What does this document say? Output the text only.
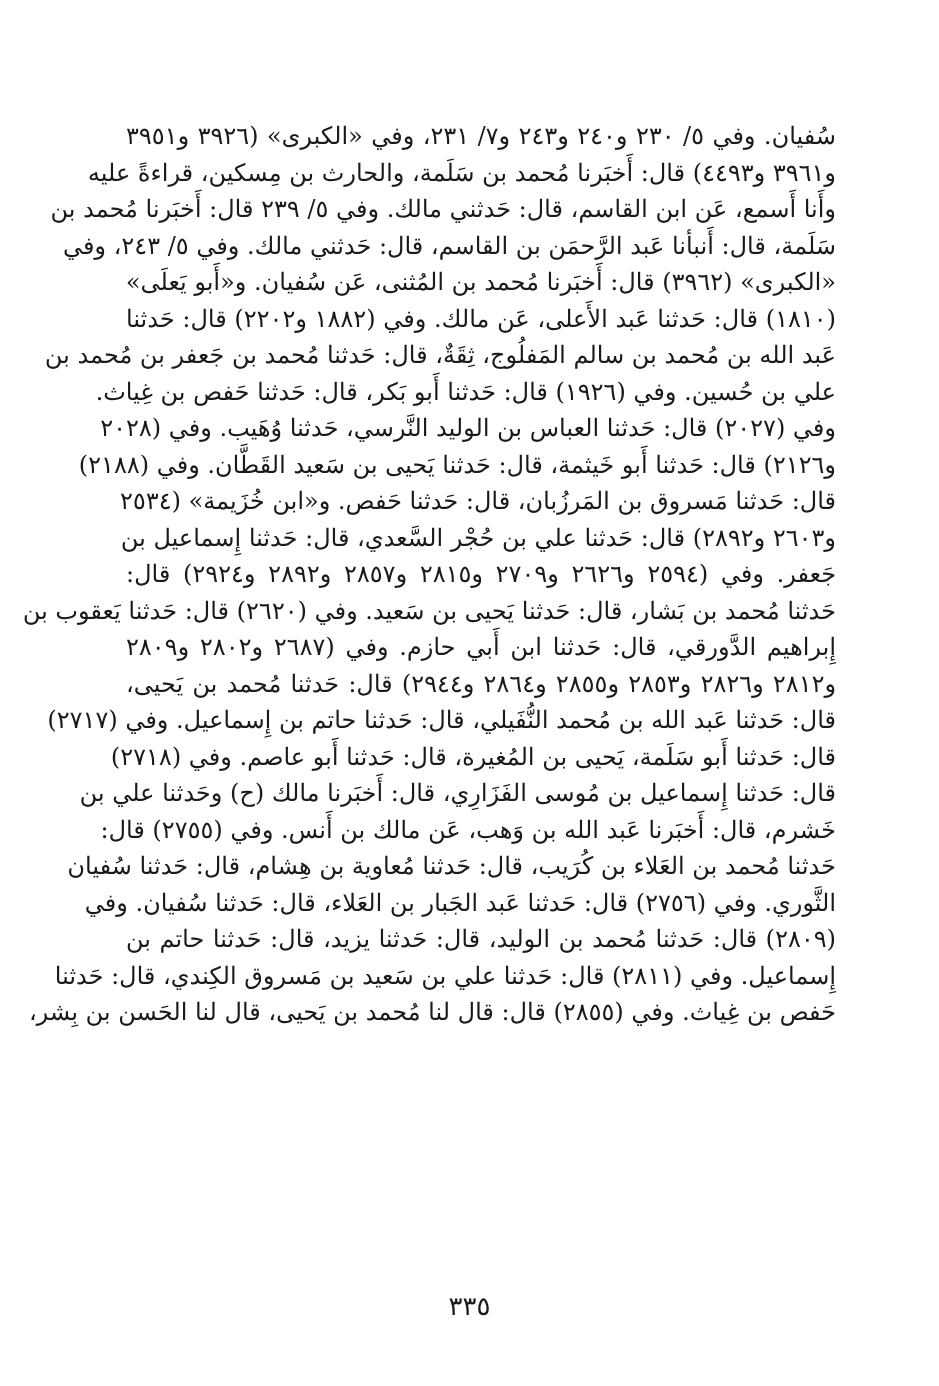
سُفيان. وفي ٥/ ٢٣٠ و٢٤٠ و٢٤٣ و٧/ ٢٣١، وفي «الكبرى» (٣٩٢٦ و٣٩٥١
و٣٩٦١ و٤٤٩٣) قال: أَخبَرنا مُحمد بن سَلَمة، والحارث بن مِسكين، قراءةً عليه
وأَنا أَسمع، عَن ابن القاسم، قال: حَدثني مالك. وفي ٥/ ٢٣٩ قال: أَخبَرنا مُحمد بن
سَلَمة، قال: أَنبأنا عَبد الرَّحمَن بن القاسم، قال: حَدثني مالك. وفي ٥/ ٢٤٣، وفي
«الكبرى» (٣٩٦٢) قال: أَخبَرنا مُحمد بن المُثنى، عَن سُفيان. و«أَبو يَعلَى»
(١٨١٠) قال: حَدثنا عَبد الأَعلى، عَن مالك. وفي (١٨٨٢ و٢٢٠٢) قال: حَدثنا
عَبد الله بن مُحمد بن سالم المَفلُوج، ثِقَةٌ، قال: حَدثنا مُحمد بن جَعفر بن مُحمد بن
علي بن حُسين. وفي (١٩٢٦) قال: حَدثنا أَبو بَكر، قال: حَدثنا حَفص بن غِياث.
وفي (٢٠٢٧) قال: حَدثنا العباس بن الوليد النَّرسي، حَدثنا وُهَيب. وفي (٢٠٢٨
و٢١٢٦) قال: حَدثنا أَبو خَيثمة، قال: حَدثنا يَحيى بن سَعيد القَطَّان. وفي (٢١٨٨)
قال: حَدثنا مَسروق بن المَرزُبان، قال: حَدثنا حَفص. و«ابن خُزَيمة» (٢٥٣٤
و٢٦٠٣ و٢٨٩٢) قال: حَدثنا علي بن حُجْر السَّعدي، قال: حَدثنا إِسماعيل بن
جَعفر. وفي (٢٥٩٤ و٢٦٢٦ و٢٧٠٩ و٢٨١٥ و٢٨٥٧ و٢٨٩٢ و٢٩٢٤) قال:
حَدثنا مُحمد بن بَشار، قال: حَدثنا يَحيى بن سَعيد. وفي (٢٦٢٠) قال: حَدثنا يَعقوب بن
إِبراهيم الدَّورقي، قال: حَدثنا ابن أَبي حازم. وفي (٢٦٨٧ و٢٨٠٢ و٢٨٠٩
و٢٨١٢ و٢٨٢٦ و٢٨٥٣ و٢٨٥٥ و٢٨٦٤ و٢٩٤٤) قال: حَدثنا مُحمد بن يَحيى،
قال: حَدثنا عَبد الله بن مُحمد النُّفَيلي، قال: حَدثنا حاتم بن إِسماعيل. وفي (٢٧١٧)
قال: حَدثنا أَبو سَلَمة، يَحيى بن المُغيرة، قال: حَدثنا أَبو عاصم. وفي (٢٧١٨)
قال: حَدثنا إِسماعيل بن مُوسى الفَزَارِي، قال: أَخبَرنا مالك (ح) وحَدثنا علي بن
خَشرم، قال: أَخبَرنا عَبد الله بن وَهب، عَن مالك بن أَنس. وفي (٢٧٥٥) قال:
حَدثنا مُحمد بن العَلاء بن كُرَيب، قال: حَدثنا مُعاوية بن هِشام، قال: حَدثنا سُفيان
الثَّوري. وفي (٢٧٥٦) قال: حَدثنا عَبد الجَبار بن العَلاء، قال: حَدثنا سُفيان. وفي
(٢٨٠٩) قال: حَدثنا مُحمد بن الوليد، قال: حَدثنا يزيد، قال: حَدثنا حاتم بن
إِسماعيل. وفي (٢٨١١) قال: حَدثنا علي بن سَعيد بن مَسروق الكِندي، قال: حَدثنا
حَفص بن غِياث. وفي (٢٨٥٥) قال: قال لنا مُحمد بن يَحيى، قال لنا الحَسن بن بِشر،
٣٣٥
